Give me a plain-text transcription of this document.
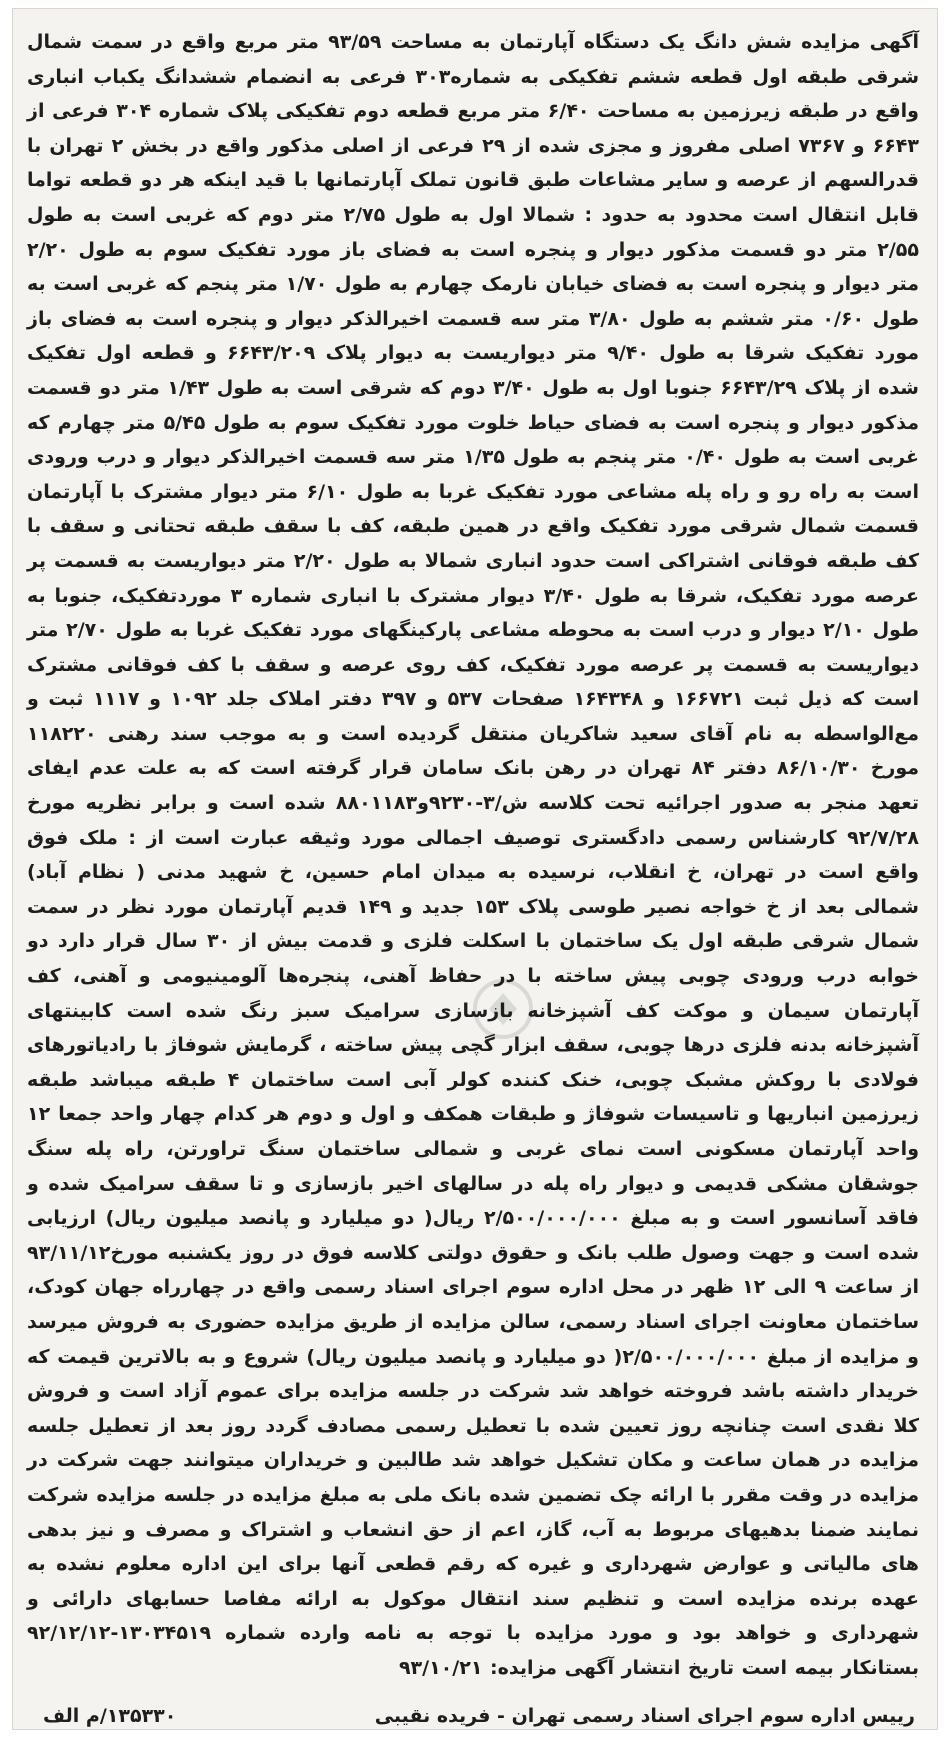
آگهی مزایده شش دانگ یک دستگاه آپارتمان به مساحت ۹۳/۵۹ متر مربع واقع در سمت شمال شرقی طبقه اول قطعه ششم تفکیکی به شماره۳۰۳ فرعی به انضمام ششدانگ یکباب انباری واقع در طبقه زیرزمین به مساحت ۶/۴۰ متر مربع قطعه دوم تفکیکی پلاک شماره ۳۰۴ فرعی از ۶۶۴۳ و ۷۳۶۷ اصلی مفروز و مجزی شده از ۲۹ فرعی از اصلی مذکور واقع در بخش ۲ تهران با قدرالسهم از عرصه و سایر مشاعات طبق قانون تملک آپارتمانها با قید اینکه هر دو قطعه تواما قابل انتقال است محدود به حدود : شمالا اول به طول ۲/۷۵ متر دوم که غربی است به طول ۲/۵۵ متر دو قسمت مذکور دیوار و پنجره است به فضای باز مورد تفکیک سوم به طول ۲/۲۰ متر دیوار و پنجره است به فضای خیابان نارمک چهارم به طول ۱/۷۰ متر پنجم که غربی است به طول ۰/۶۰ متر ششم به طول ۳/۸۰ متر سه قسمت اخیرالذکر دیوار و پنجره است به فضای باز مورد تفکیک شرقا به طول ۹/۴۰ متر دیواریست به دیوار پلاک ۶۶۴۳/۲۰۹ و قطعه اول تفکیک شده از پلاک ۶۶۴۳/۲۹ جنوبا اول به طول ۳/۴۰ دوم که شرقی است به طول ۱/۴۳ متر دو قسمت مذکور دیوار و پنجره است به فضای حیاط خلوت مورد تفکیک سوم به طول ۵/۴۵ متر چهارم که غربی است به طول ۰/۴۰ متر پنجم به طول ۱/۳۵ متر سه قسمت اخیرالذکر دیوار و درب ورودی است به راه رو و راه پله مشاعی مورد تفکیک غربا به طول ۶/۱۰ متر دیوار مشترک با آپارتمان قسمت شمال شرقی مورد تفکیک واقع در همین طبقه، کف با سقف طبقه تحتانی و سقف با کف طبقه فوقانی اشتراکی است حدود انباری شمالا به طول ۲/۲۰ متر دیواریست به قسمت پر عرصه مورد تفکیک، شرقا به طول ۳/۴۰ دیوار مشترک با انباری شماره ۳ موردتفکیک، جنوبا به طول ۲/۱۰ دیوار و درب است به محوطه مشاعی پارکینگهای مورد تفکیک غربا به طول ۲/۷۰ متر دیواریست به قسمت پر عرصه مورد تفکیک، کف روی عرصه و سقف با کف فوقانی مشترک است که ذیل ثبت ۱۶۶۷۲۱ و ۱۶۴۳۴۸ صفحات ۵۳۷ و ۳۹۷ دفتر املاک جلد ۱۰۹۲ و ۱۱۱۷ ثبت و مع‌الواسطه به نام آقای سعید شاکریان منتقل گردیده است و به موجب سند رهنی ۱۱۸۲۲۰ مورخ ۸۶/۱۰/۳۰ دفتر ۸۴ تهران در رهن بانک سامان قرار گرفته است که به علت عدم ایفای تعهد منجر به صدور اجرائیه تحت کلاسه ش/۳-۹۲۳۰و۸۸۰۱۱۸۳ شده است و برابر نظریه مورخ ۹۲/۷/۲۸ کارشناس رسمی دادگستری توصیف اجمالی مورد وثیقه عبارت است از : ملک فوق واقع است در تهران، خ انقلاب، نرسیده به میدان امام حسین، خ شهید مدنی ( نظام آباد) شمالی بعد از خ خواجه نصیر طوسی پلاک ۱۵۳ جدید و ۱۴۹ قدیم آپارتمان مورد نظر در سمت شمال شرقی طبقه اول یک ساختمان با اسکلت فلزی و قدمت بیش از ۳۰ سال قرار دارد دو خوابه درب ورودی چوبی پیش ساخته با در حفاظ آهنی، پنجره‌ها آلومینیومی و آهنی، کف آپارتمان سیمان و موکت کف آشپزخانه بازسازی سرامیک سبز رنگ شده است کابینتهای آشپزخانه بدنه فلزی درها چوبی، سقف ابزار گچی پیش ساخته ، گرمایش شوفاژ با رادیاتورهای فولادی با روکش مشبک چوبی، خنک کننده کولر آبی است ساختمان ۴ طبقه میباشد طبقه زیرزمین انباریها و تاسیسات شوفاژ و طبقات همکف و اول و دوم هر کدام چهار واحد جمعا ۱۲ واحد آپارتمان مسکونی است نمای غربی و شمالی ساختمان سنگ تراورتن، راه پله سنگ جوشقان مشکی قدیمی و دیوار راه پله در سالهای اخیر بازسازی و تا سقف سرامیک شده و فاقد آسانسور است و به مبلغ ۲/۵۰۰/۰۰۰/۰۰۰ ریال( دو میلیارد و پانصد میلیون ریال) ارزیابی شده است و جهت وصول طلب بانک و حقوق دولتی کلاسه فوق در روز یکشنبه مورخ۹۳/۱۱/۱۲ از ساعت ۹ الی ۱۲ ظهر در محل اداره سوم اجرای اسناد رسمی واقع در چهارراه جهان کودک، ساختمان معاونت اجرای اسناد رسمی، سالن مزایده از طریق مزایده حضوری به فروش میرسد و مزایده از مبلغ ۲/۵۰۰/۰۰۰/۰۰۰( دو میلیارد و پانصد میلیون ریال) شروع و به بالاترین قیمت که خریدار داشته باشد فروخته خواهد شد شرکت در جلسه مزایده برای عموم آزاد است و فروش کلا نقدی است چنانچه روز تعیین شده با تعطیل رسمی مصادف گردد روز بعد از تعطیل جلسه مزایده در همان ساعت و مکان تشکیل خواهد شد طالبین و خریداران میتوانند جهت شرکت در مزایده در وقت مقرر با ارائه چک تضمین شده بانک ملی به مبلغ مزایده در جلسه مزایده شرکت نمایند ضمنا بدهیهای مربوط به آب، گاز، اعم از حق انشعاب و اشتراک و مصرف و نیز بدهی های مالیاتی و عوارض شهرداری و غیره که رقم قطعی آنها برای این اداره معلوم نشده به عهده برنده مزایده است و تنظیم سند انتقال موکول به ارائه مفاصا حسابهای دارائی و شهرداری و خواهد بود و مورد مزایده با توجه به نامه وارده شماره ۱۳۰۳۴۵۱۹-۹۲/۱۲/۱۲ بستانکار بیمه است تاریخ انتشار آگهی مزایده: ۹۳/۱۰/۲۱
رییس اداره سوم اجرای اسناد رسمی تهران - فریده نقیبی
۱۳۵۳۳۰/م الف
